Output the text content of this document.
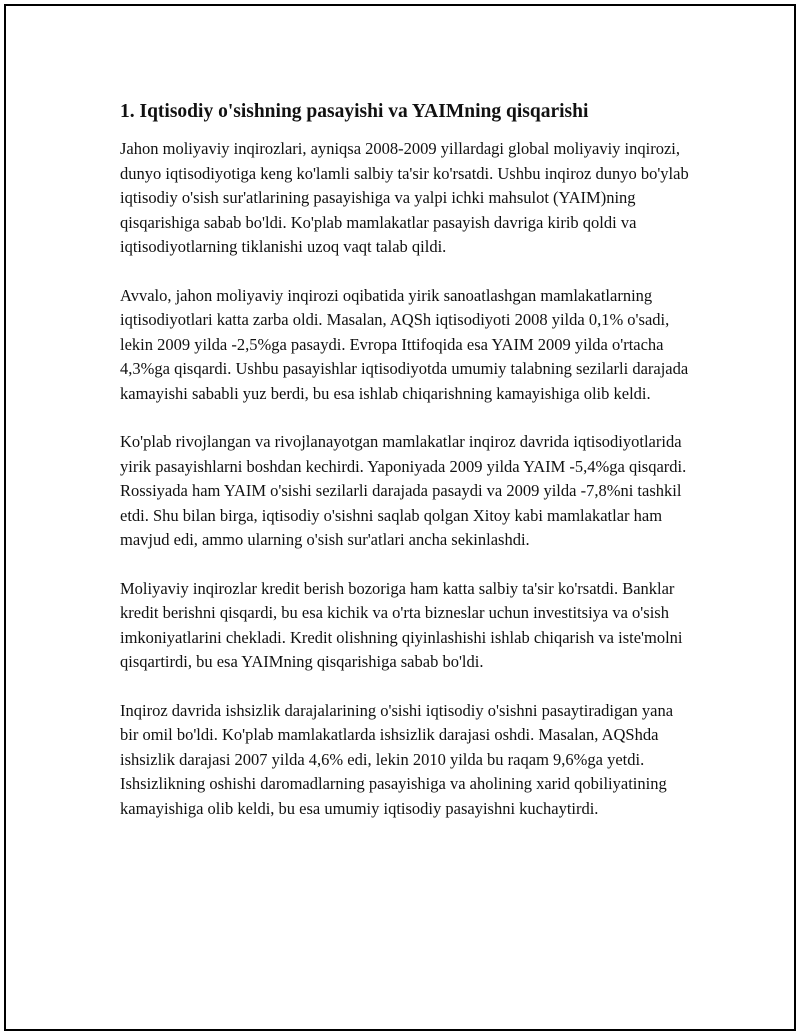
1. Iqtisodiy o'sishning pasayishi va YAIMning qisqarishi

Jahon moliyaviy inqirozlari, ayniqsa 2008-2009 yillardagi global moliyaviy inqirozi, dunyo iqtisodiyotiga keng ko'lamli salbiy ta'sir ko'rsatdi. Ushbu inqiroz dunyo bo'ylab iqtisodiy o'sish sur'atlarining pasayishiga va yalpi ichki mahsulot (YAIM)ning qisqarishiga sabab bo'ldi. Ko'plab mamlakatlar pasayish davriga kirib qoldi va iqtisodiyotlarning tiklanishi uzoq vaqt talab qildi.

Avvalo, jahon moliyaviy inqirozi oqibatida yirik sanoatlashgan mamlakatlarning iqtisodiyotlari katta zarba oldi. Masalan, AQSh iqtisodiyoti 2008 yilda 0,1% o'sadi, lekin 2009 yilda -2,5%ga pasaydi. Evropa Ittifoqida esa YAIM 2009 yilda o'rtacha 4,3%ga qisqardi. Ushbu pasayishlar iqtisodiyotda umumiy talabning sezilarli darajada kamayishi sababli yuz berdi, bu esa ishlab chiqarishning kamayishiga olib keldi.

Ko'plab rivojlangan va rivojlanayotgan mamlakatlar inqiroz davrida iqtisodiyotlarida yirik pasayishlarni boshdan kechirdi. Yaponiyada 2009 yilda YAIM -5,4%ga qisqardi. Rossiyada ham YAIM o'sishi sezilarli darajada pasaydi va 2009 yilda -7,8%ni tashkil etdi. Shu bilan birga, iqtisodiy o'sishni saqlab qolgan Xitoy kabi mamlakatlar ham mavjud edi, ammo ularning o'sish sur'atlari ancha sekinlashdi.

Moliyaviy inqirozlar kredit berish bozoriga ham katta salbiy ta'sir ko'rsatdi. Banklar kredit berishni qisqardi, bu esa kichik va o'rta bizneslar uchun investitsiya va o'sish imkoniyatlarini chekladi. Kredit olishning qiyinlashishi ishlab chiqarish va iste'molni qisqartirdi, bu esa YAIMning qisqarishiga sabab bo'ldi.

Inqiroz davrida ishsizlik darajalarining o'sishi iqtisodiy o'sishni pasaytiradigan yana bir omil bo'ldi. Ko'plab mamlakatlarda ishsizlik darajasi oshdi. Masalan, AQShda ishsizlik darajasi 2007 yilda 4,6% edi, lekin 2010 yilda bu raqam 9,6%ga yetdi. Ishsizlikning oshishi daromadlarning pasayishiga va aholining xarid qobiliyatining kamayishiga olib keldi, bu esa umumiy iqtisodiy pasayishni kuchaytirdi.
